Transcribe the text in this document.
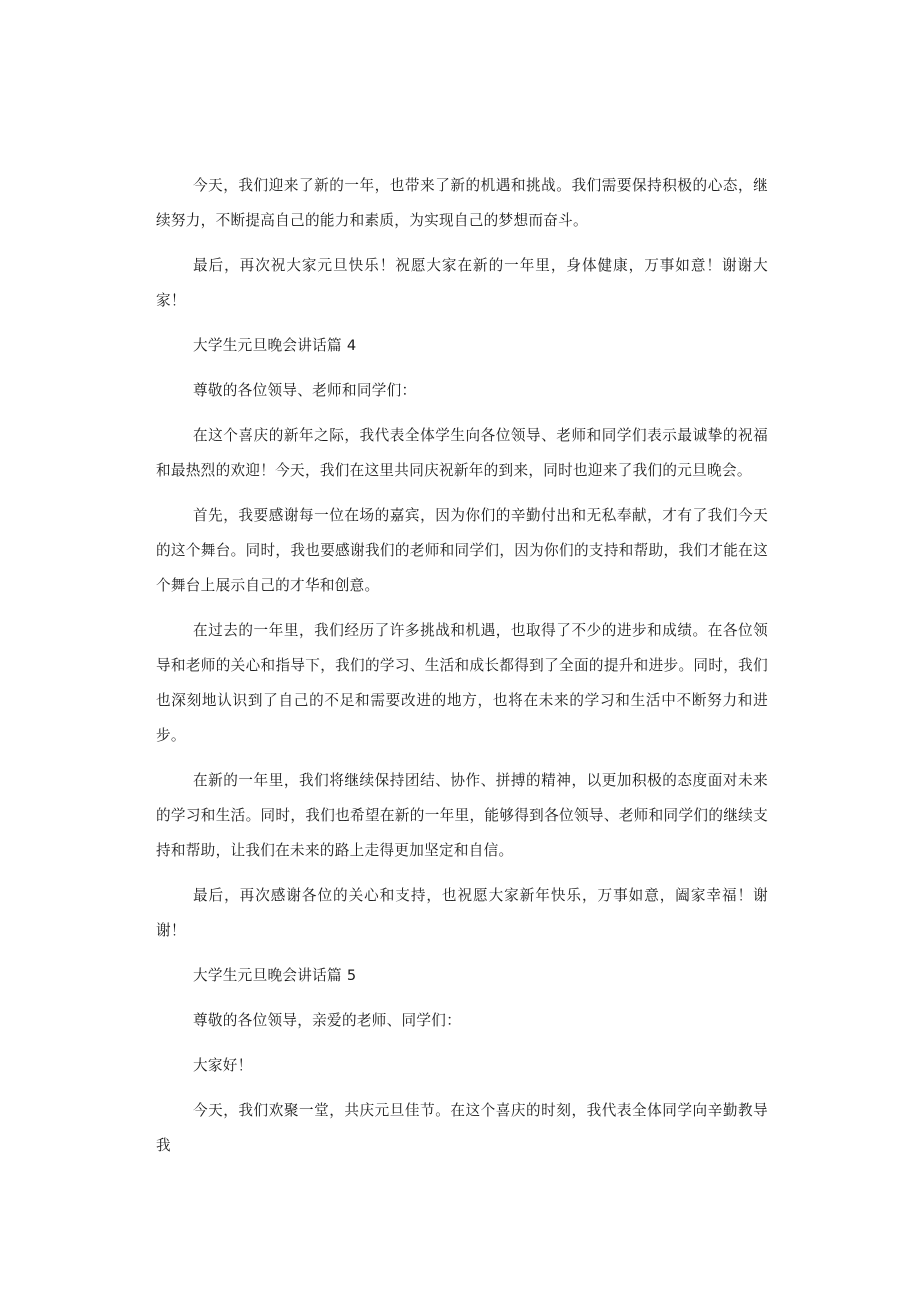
今天，我们迎来了新的一年，也带来了新的机遇和挑战。我们需要保持积极的心态，继续努力，不断提高自己的能力和素质，为实现自己的梦想而奋斗。

最后，再次祝大家元旦快乐！祝愿大家在新的一年里，身体健康，万事如意！谢谢大家！

大学生元旦晚会讲话篇 4

尊敬的各位领导、老师和同学们：

在这个喜庆的新年之际，我代表全体学生向各位领导、老师和同学们表示最诚挚的祝福和最热烈的欢迎！今天，我们在这里共同庆祝新年的到来，同时也迎来了我们的元旦晚会。

首先，我要感谢每一位在场的嘉宾，因为你们的辛勤付出和无私奉献，才有了我们今天的这个舞台。同时，我也要感谢我们的老师和同学们，因为你们的支持和帮助，我们才能在这个舞台上展示自己的才华和创意。

在过去的一年里，我们经历了许多挑战和机遇，也取得了不少的进步和成绩。在各位领导和老师的关心和指导下，我们的学习、生活和成长都得到了全面的提升和进步。同时，我们也深刻地认识到了自己的不足和需要改进的地方，也将在未来的学习和生活中不断努力和进步。

在新的一年里，我们将继续保持团结、协作、拼搏的精神，以更加积极的态度面对未来的学习和生活。同时，我们也希望在新的一年里，能够得到各位领导、老师和同学们的继续支持和帮助，让我们在未来的路上走得更加坚定和自信。

最后，再次感谢各位的关心和支持，也祝愿大家新年快乐，万事如意，阖家幸福！谢谢！

大学生元旦晚会讲话篇 5

尊敬的各位领导，亲爱的老师、同学们：

大家好！

今天，我们欢聚一堂，共庆元旦佳节。在这个喜庆的时刻，我代表全体同学向辛勤教导我
